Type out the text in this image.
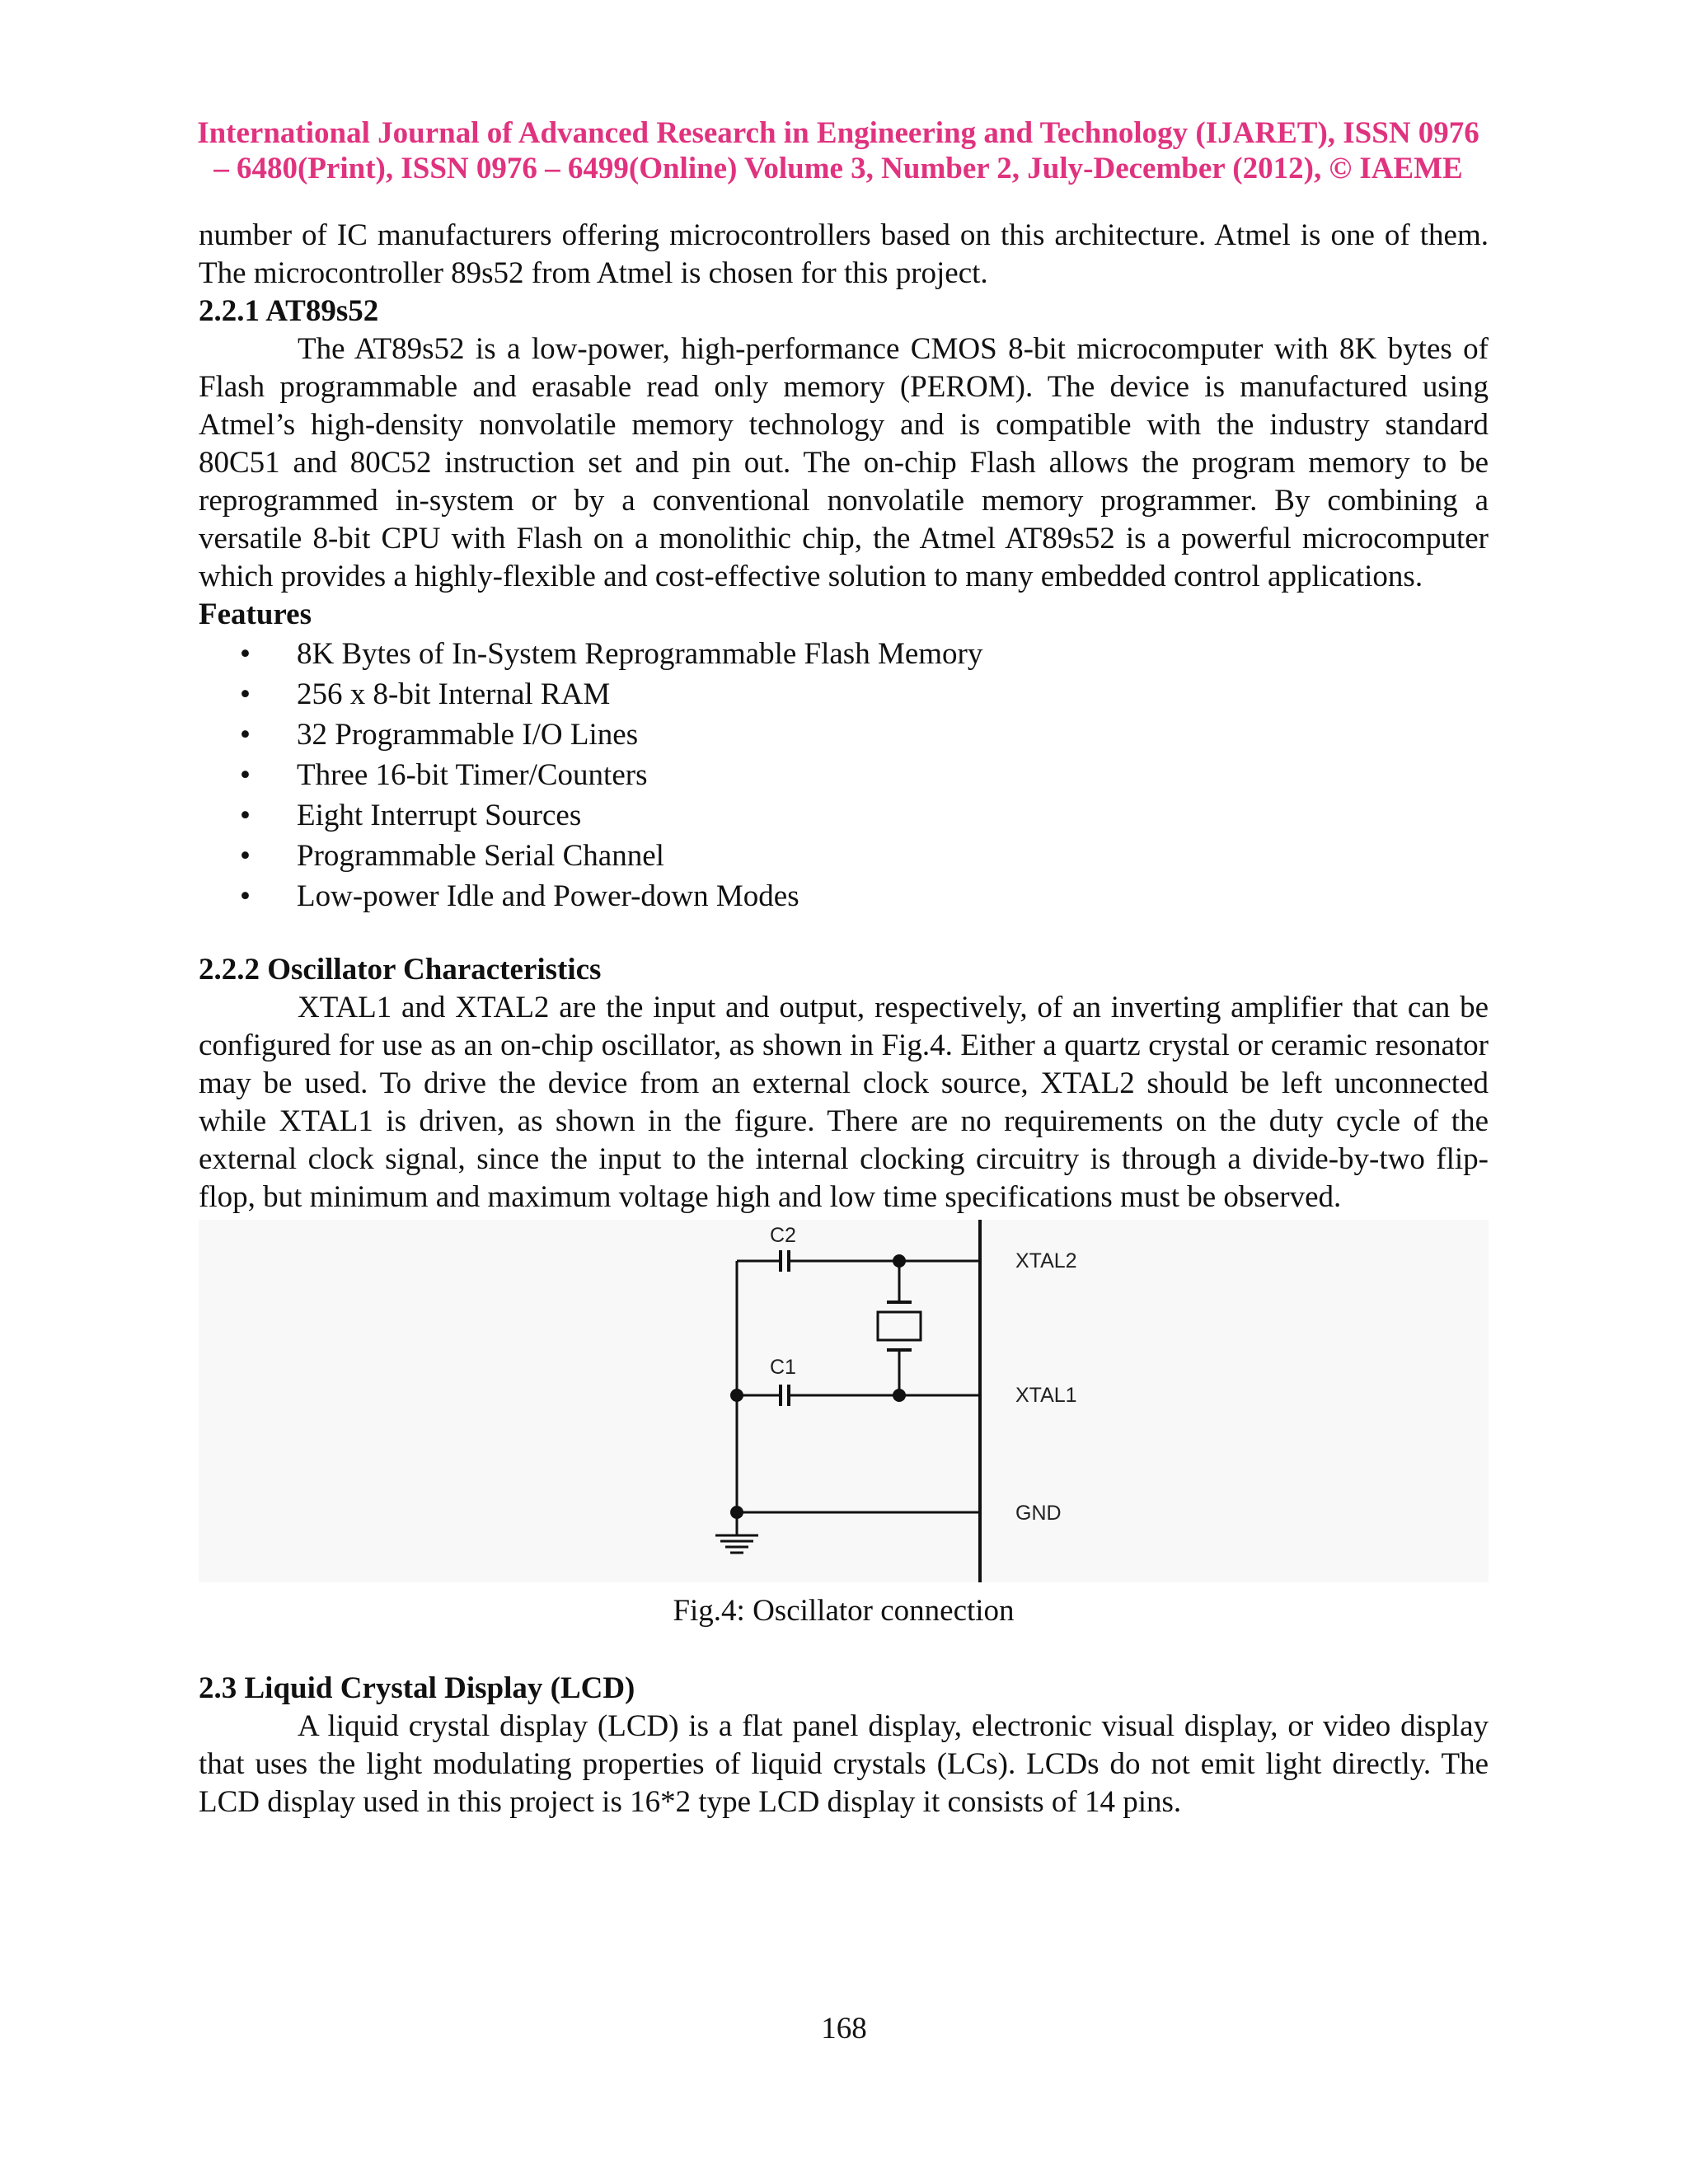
International Journal of Advanced Research in Engineering and Technology (IJARET), ISSN 0976
– 6480(Print), ISSN 0976 – 6499(Online) Volume 3, Number 2, July-December (2012), © IAEME

number of IC manufacturers offering microcontrollers based on this architecture. Atmel is one of them. The microcontroller 89s52 from Atmel is chosen for this project.

2.2.1 AT89s52

The AT89s52 is a low-power, high-performance CMOS 8-bit microcomputer with 8K bytes of Flash programmable and erasable read only memory (PEROM). The device is manufactured using Atmel’s high-density nonvolatile memory technology and is compatible with the industry standard 80C51 and 80C52 instruction set and pin out. The on-chip Flash allows the program memory to be reprogrammed in-system or by a conventional nonvolatile memory programmer. By combining a versatile 8-bit CPU with Flash on a monolithic chip, the Atmel AT89s52 is a powerful microcomputer which provides a highly-flexible and cost-effective solution to many embedded control applications.

Features
• 8K Bytes of In-System Reprogrammable Flash Memory
• 256 x 8-bit Internal RAM
• 32 Programmable I/O Lines
• Three 16-bit Timer/Counters
• Eight Interrupt Sources
• Programmable Serial Channel
• Low-power Idle and Power-down Modes
2.2.2 Oscillator Characteristics

XTAL1 and XTAL2 are the input and output, respectively, of an inverting amplifier that can be configured for use as an on-chip oscillator, as shown in Fig.4. Either a quartz crystal or ceramic resonator may be used. To drive the device from an external clock source, XTAL2 should be left unconnected while XTAL1 is driven, as shown in the figure. There are no requirements on the duty cycle of the external clock signal, since the input to the internal clocking circuitry is through a divide-by-two flip-flop, but minimum and maximum voltage high and low time specifications must be observed.

C2
C1
XTAL2
XTAL1
GND

Fig.4: Oscillator connection

2.3 Liquid Crystal Display (LCD)

A liquid crystal display (LCD) is a flat panel display, electronic visual display, or video display that uses the light modulating properties of liquid crystals (LCs). LCDs do not emit light directly. The LCD display used in this project is 16*2 type LCD display it consists of 14 pins.

168
